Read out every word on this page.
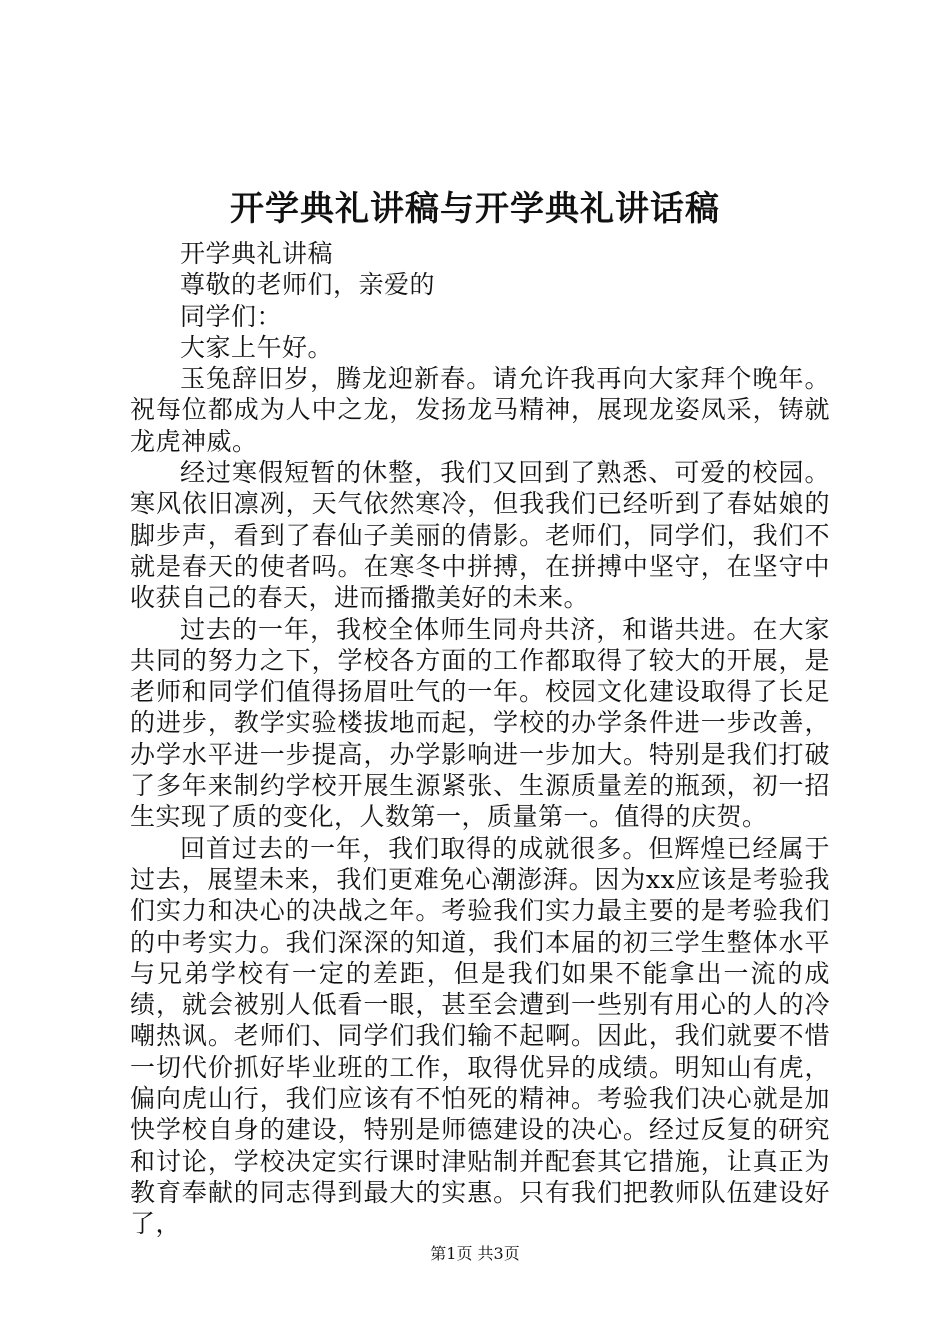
开学典礼讲稿与开学典礼讲话稿

开学典礼讲稿

尊敬的老师们，亲爱的

同学们：

大家上午好。

玉兔辞旧岁，腾龙迎新春。请允许我再向大家拜个晚年。祝每位都成为人中之龙，发扬龙马精神，展现龙姿凤采，铸就龙虎神威。

经过寒假短暂的休整，我们又回到了熟悉、可爱的校园。寒风依旧凛冽，天气依然寒冷，但我我们已经听到了春姑娘的脚步声，看到了春仙子美丽的倩影。老师们，同学们，我们不就是春天的使者吗。在寒冬中拼搏，在拼搏中坚守，在坚守中收获自己的春天，进而播撒美好的未来。

过去的一年，我校全体师生同舟共济，和谐共进。在大家共同的努力之下，学校各方面的工作都取得了较大的开展，是老师和同学们值得扬眉吐气的一年。校园文化建设取得了长足的进步，教学实验楼拔地而起，学校的办学条件进一步改善，办学水平进一步提高，办学影响进一步加大。特别是我们打破了多年来制约学校开展生源紧张、生源质量差的瓶颈，初一招生实现了质的变化，人数第一，质量第一。值得的庆贺。

回首过去的一年，我们取得的成就很多。但辉煌已经属于过去，展望未来，我们更难免心潮澎湃。因为xx应该是考验我们实力和决心的决战之年。考验我们实力最主要的是考验我们的中考实力。我们深深的知道，我们本届的初三学生整体水平与兄弟学校有一定的差距，但是我们如果不能拿出一流的成绩，就会被别人低看一眼，甚至会遭到一些别有用心的人的冷嘲热讽。老师们、同学们我们输不起啊。因此，我们就要不惜一切代价抓好毕业班的工作，取得优异的成绩。明知山有虎，偏向虎山行，我们应该有不怕死的精神。考验我们决心就是加快学校自身的建设，特别是师德建设的决心。经过反复的研究和讨论，学校决定实行课时津贴制并配套其它措施，让真正为教育奉献的同志得到最大的实惠。只有我们把教师队伍建设好了，

第1页 共3页
